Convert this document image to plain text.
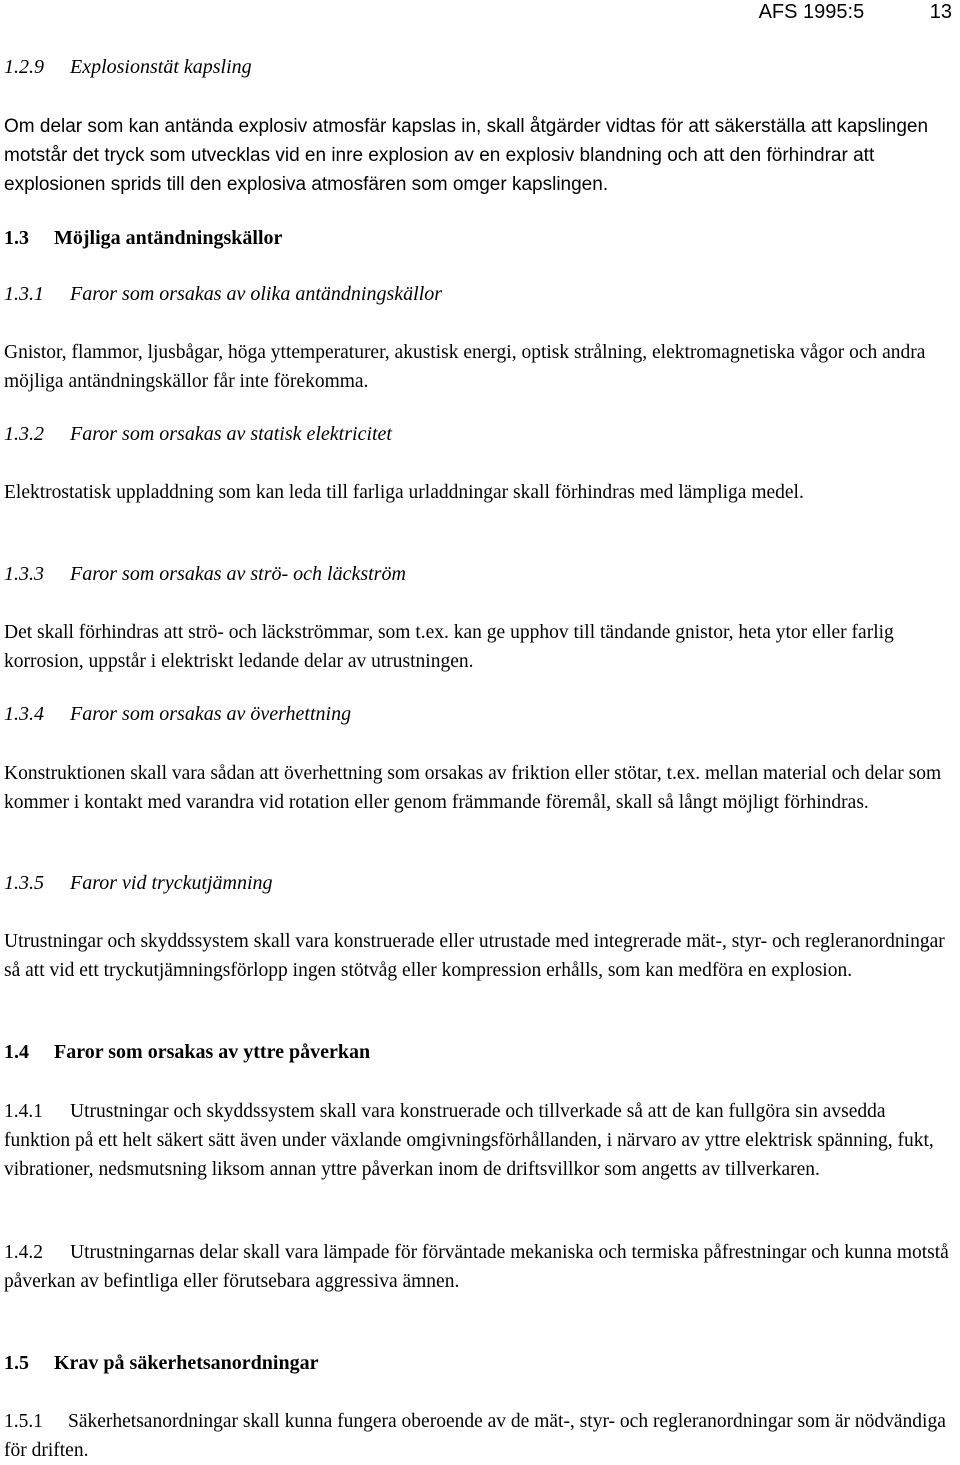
AFS 1995:5	13
1.2.9 Explosionstät kapsling

Om delar som kan antända explosiv atmosfär kapslas in, skall åtgärder vidtas för att säkerställa att kapslingen motstår det tryck som utvecklas vid en inre explosion av en explosiv blandning och att den förhindrar att explosionen sprids till den explosiva atmosfären som omger kapslingen.

1.3 Möjliga antändningskällor
1.3.1 Faror som orsakas av olika antändningskällor

Gnistor, flammor, ljusbågar, höga yttemperaturer, akustisk energi, optisk strålning, elektromagnetiska vågor och andra möjliga antändningskällor får inte förekomma.

1.3.2 Faror som orsakas av statisk elektricitet

Elektrostatisk uppladdning som kan leda till farliga urladdningar skall förhindras med lämpliga medel.

1.3.3 Faror som orsakas av strö- och läckström

Det skall förhindras att strö- och läckströmmar, som t.ex. kan ge upphov till tändande gnistor, heta ytor eller farlig korrosion, uppstår i elektriskt ledande delar av utrustningen.

1.3.4 Faror som orsakas av överhettning

Konstruktionen skall vara sådan att överhettning som orsakas av friktion eller stötar, t.ex. mellan material och delar som kommer i kontakt med varandra vid rotation eller genom främmande föremål, skall så långt möjligt förhindras.

1.3.5 Faror vid tryckutjämning

Utrustningar och skyddssystem skall vara konstruerade eller utrustade med integrerade mät-, styr- och regleranordningar så att vid ett tryckutjämningsförlopp ingen stötvåg eller kompression erhålls, som kan medföra en explosion.

1.4 Faror som orsakas av yttre påverkan

1.4.1 Utrustningar och skyddssystem skall vara konstruerade och tillverkade så att de kan fullgöra sin avsedda funktion på ett helt säkert sätt även under växlande omgivningsförhållanden, i närvaro av yttre elektrisk spänning, fukt, vibrationer, nedsmutsning liksom annan yttre påverkan inom de driftsvillkor som angetts av tillverkaren.

1.4.2 Utrustningarnas delar skall vara lämpade för förväntade mekaniska och termiska påfrestningar och kunna motstå påverkan av befintliga eller förutsebara aggressiva ämnen.

1.5 Krav på säkerhetsanordningar

1.5.1 Säkerhetsanordningar skall kunna fungera oberoende av de mät-, styr- och regleranordningar som är nödvändiga för driften.
